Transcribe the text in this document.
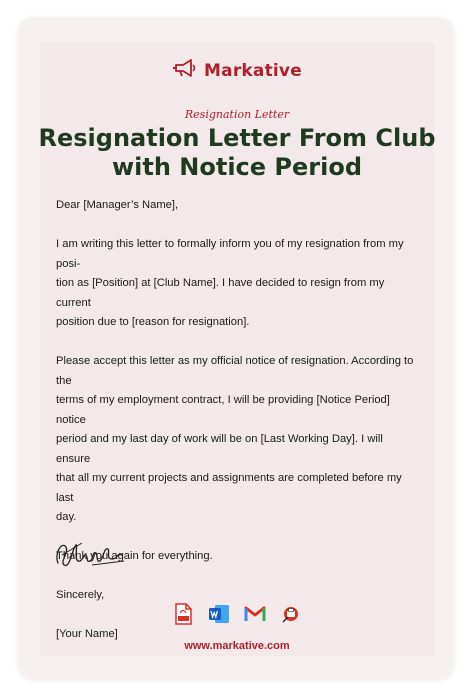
Markative
Resignation Letter
Resignation Letter From Club
with Notice Period

Dear [Manager’s Name],

I am writing this letter to formally inform you of my resignation from my posi-

tion as [Position] at [Club Name]. I have decided to resign from my current

position due to [reason for resignation].

Please accept this letter as my official notice of resignation. According to the

terms of my employment contract, I will be providing [Notice Period] notice

period and my last day of work will be on [Last Working Day]. I will ensure

that all my current projects and assignments are completed before my last

day.

Thank you again for everything.

Sincerely,

[Your Name]

www.markative.com
